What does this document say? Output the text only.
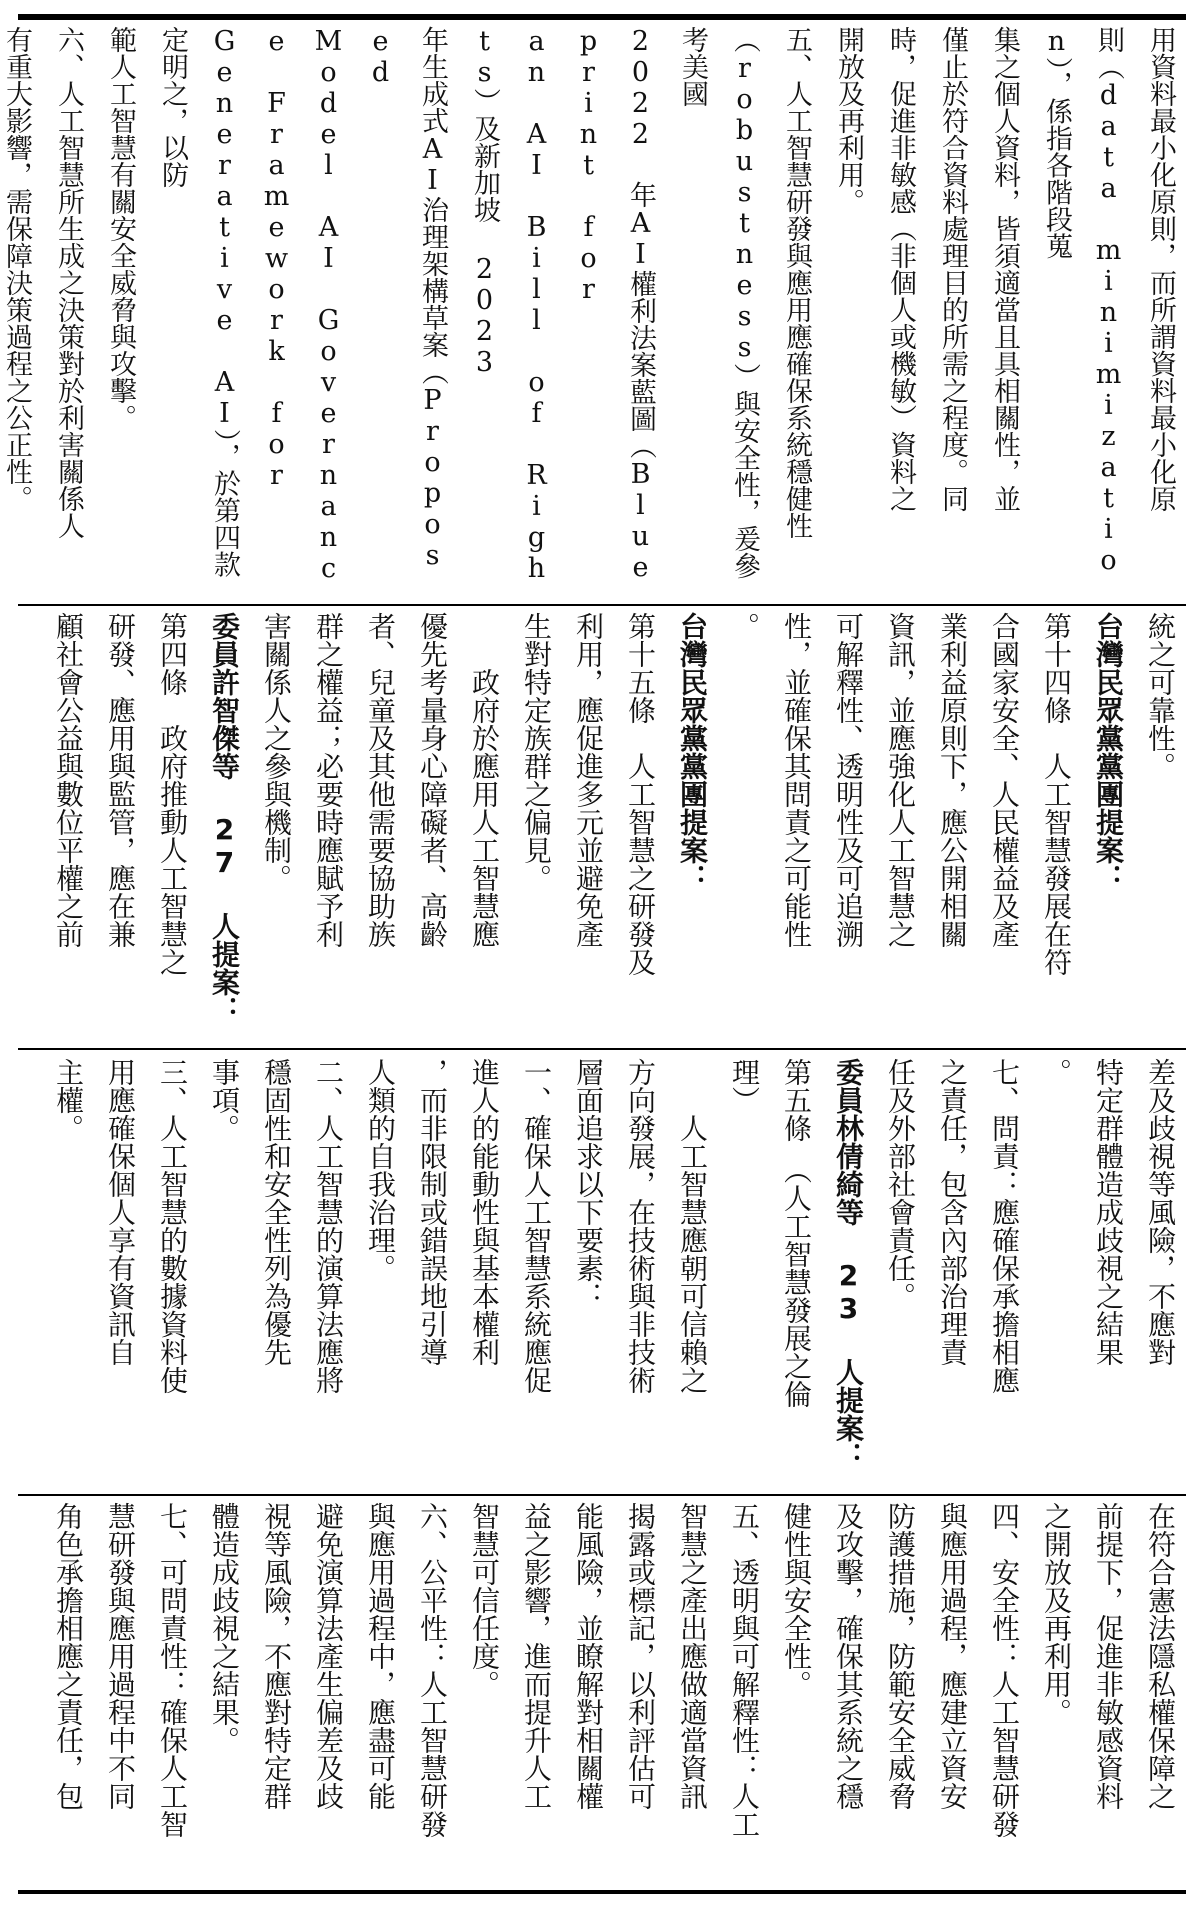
在符合憲法隱私權保障之

前提下，促進非敏感資料

之開放及再利用。

四、安全性：人工智慧研發

與應用過程，應建立資安

防護措施，防範安全威脅

及攻擊，確保其系統之穩

健性與安全性。

五、透明與可解釋性：人工

智慧之產出應做適當資訊

揭露或標記，以利評估可

能風險，並瞭解對相關權

益之影響，進而提升人工

智慧可信任度。

六、公平性：人工智慧研發

與應用過程中，應盡可能

避免演算法產生偏差及歧

視等風險，不應對特定群

體造成歧視之結果。

七、可問責性：確保人工智

慧研發與應用過程中不同

角色承擔相應之責任，包

差及歧視等風險，不應對

特定群體造成歧視之結果

。

七、問責：應確保承擔相應

之責任，包含內部治理責

任及外部社會責任。

委員林倩綺等 23 人提案：

第五條　（人工智慧發展之倫

理）

　　人工智慧應朝可信賴之

方向發展，在技術與非技術

層面追求以下要素：

一、確保人工智慧系統應促

進人的能動性與基本權利

，而非限制或錯誤地引導

人類的自我治理。

二、人工智慧的演算法應將

穩固性和安全性列為優先

事項。

三、人工智慧的數據資料使

用應確保個人享有資訊自

主權。

統之可靠性。

台灣民眾黨黨團提案：

第十四條　人工智慧發展在符

合國家安全、人民權益及產

業利益原則下，應公開相關

資訊，並應強化人工智慧之

可解釋性、透明性及可追溯

性，並確保其問責之可能性

。

台灣民眾黨黨團提案：

第十五條　人工智慧之研發及

利用，應促進多元並避免產

生對特定族群之偏見。

　　政府於應用人工智慧應

優先考量身心障礙者、高齡

者、兒童及其他需要協助族

群之權益；必要時應賦予利

害關係人之參與機制。

委員許智傑等 27 人提案：

第四條　政府推動人工智慧之

研發、應用與監管，應在兼

顧社會公益與數位平權之前

用資料最小化原則，而所謂資料最小化原

則（data minimization），係指各階段蒐

集之個人資料，皆須適當且具相關性，並

僅止於符合資料處理目的所需之程度。同

時，促進非敏感（非個人或機敏）資料之

開放及再利用。

五、人工智慧研發與應用應確保系統穩健性

（robustness）與安全性，爰參考美國

2022 年AI權利法案藍圖（Blueprint for

an AI Bill of Rights）及新加坡 2023

年生成式AI治理架構草案（Proposed

Model AI Governance Framework for

Generative AI），於第四款定明之，以防

範人工智慧有關安全威脅與攻擊。

六、人工智慧所生成之決策對於利害關係人

有重大影響，需保障決策過程之公正性。
